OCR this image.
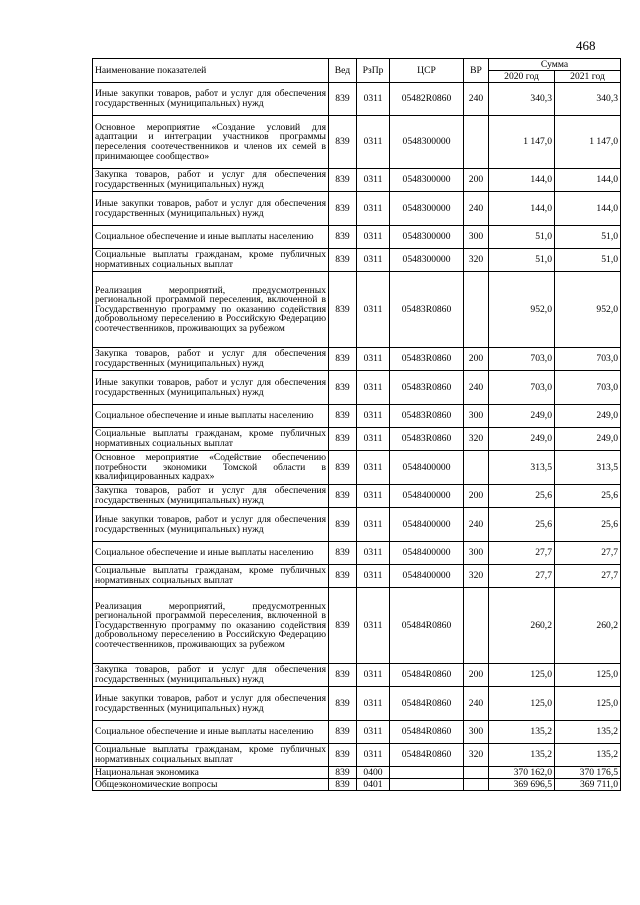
468
Наименование показателей	Вед	РзПр	ЦСР	ВР	Сумма	
					2020 год	2021 год
Иные закупки товаров, работ и услуг для обеспечения государственных (муниципальных) нужд	839	0311	05482R0860	240	340,3	340,3
Основное мероприятие «Создание условий для адаптации и интеграции участников программы переселения соотечественников и членов их семей в принимающее сообщество»	839	0311	0548300000		1 147,0	1 147,0
Закупка товаров, работ и услуг для обеспечения государственных (муниципальных) нужд	839	0311	0548300000	200	144,0	144,0
Иные закупки товаров, работ и услуг для обеспечения государственных (муниципальных) нужд	839	0311	0548300000	240	144,0	144,0
Социальное обеспечение и иные выплаты населению	839	0311	0548300000	300	51,0	51,0
Социальные выплаты гражданам, кроме публичных нормативных социальных выплат	839	0311	0548300000	320	51,0	51,0
Реализация мероприятий, предусмотренных региональной программой переселения, включенной в Государственную программу по оказанию содействия добровольному переселению в Российскую Федерацию соотечественников, проживающих за рубежом	839	0311	05483R0860		952,0	952,0
Закупка товаров, работ и услуг для обеспечения государственных (муниципальных) нужд	839	0311	05483R0860	200	703,0	703,0
Иные закупки товаров, работ и услуг для обеспечения государственных (муниципальных) нужд	839	0311	05483R0860	240	703,0	703,0
Социальное обеспечение и иные выплаты населению	839	0311	05483R0860	300	249,0	249,0
Социальные выплаты гражданам, кроме публичных нормативных социальных выплат	839	0311	05483R0860	320	249,0	249,0
Основное мероприятие «Содействие обеспечению потребности экономики Томской области в квалифицированных кадрах»	839	0311	0548400000		313,5	313,5
Закупка товаров, работ и услуг для обеспечения государственных (муниципальных) нужд	839	0311	0548400000	200	25,6	25,6
Иные закупки товаров, работ и услуг для обеспечения государственных (муниципальных) нужд	839	0311	0548400000	240	25,6	25,6
Социальное обеспечение и иные выплаты населению	839	0311	0548400000	300	27,7	27,7
Социальные выплаты гражданам, кроме публичных нормативных социальных выплат	839	0311	0548400000	320	27,7	27,7
Реализация мероприятий, предусмотренных региональной программой переселения, включенной в Государственную программу по оказанию содействия добровольному переселению в Российскую Федерацию соотечественников, проживающих за рубежом	839	0311	05484R0860		260,2	260,2
Закупка товаров, работ и услуг для обеспечения государственных (муниципальных) нужд	839	0311	05484R0860	200	125,0	125,0
Иные закупки товаров, работ и услуг для обеспечения государственных (муниципальных) нужд	839	0311	05484R0860	240	125,0	125,0
Социальное обеспечение и иные выплаты населению	839	0311	05484R0860	300	135,2	135,2
Социальные выплаты гражданам, кроме публичных нормативных социальных выплат	839	0311	05484R0860	320	135,2	135,2
Национальная экономика	839	0400			370 162,0	370 176,5
Общеэкономические вопросы	839	0401			369 696,5	369 711,0
